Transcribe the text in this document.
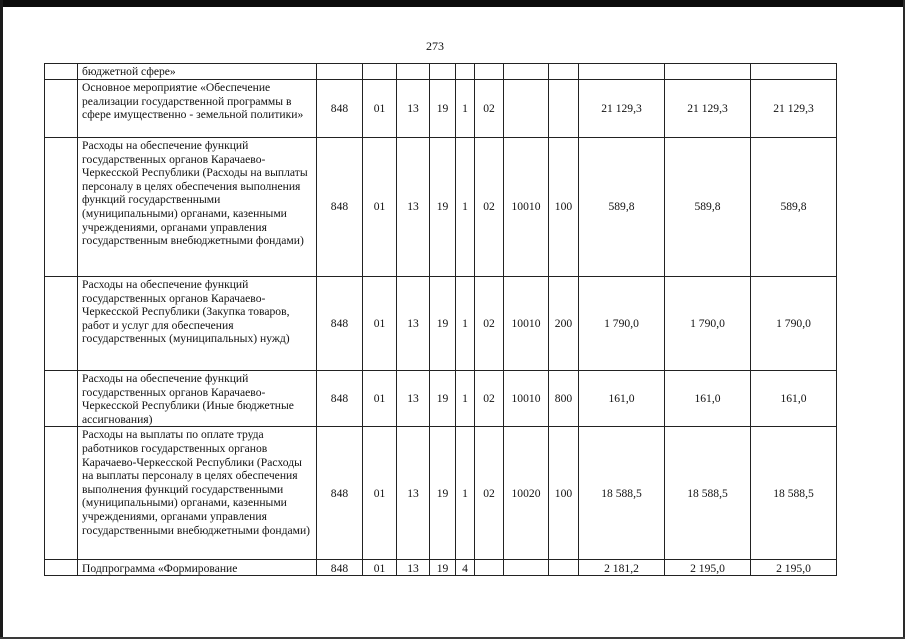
273
	бюджетной сфере»											
	Основное мероприятие «Обеспечение реализации государственной программы в сфере имущественно - земельной политики»	848	01	13	19	1	02			21 129,3	21 129,3	21 129,3
	Расходы на обеспечение функций государственных органов Карачаево-Черкесской Республики (Расходы на выплаты персоналу в целях обеспечения выполнения функций государственными (муниципальными) органами, казенными учреждениями, органами управления государственным внебюджетными фондами)	848	01	13	19	1	02	10010	100	589,8	589,8	589,8
	Расходы на обеспечение функций государственных органов Карачаево-Черкесской Республики (Закупка товаров, работ и услуг для обеспечения государственных (муниципальных) нужд)	848	01	13	19	1	02	10010	200	1 790,0	1 790,0	1 790,0
	Расходы на обеспечение функций государственных органов Карачаево-Черкесской Республики (Иные бюджетные ассигнования)	848	01	13	19	1	02	10010	800	161,0	161,0	161,0
	Расходы на выплаты по оплате труда работников государственных органов Карачаево-Черкесской Республики (Расходы на выплаты персоналу в целях обеспечения выполнения функций государственными (муниципальными) органами, казенными учреждениями, органами управления государственными внебюджетными фондами)	848	01	13	19	1	02	10020	100	18 588,5	18 588,5	18 588,5
	Подпрограмма «Формирование	848	01	13	19	4				2 181,2	2 195,0	2 195,0
